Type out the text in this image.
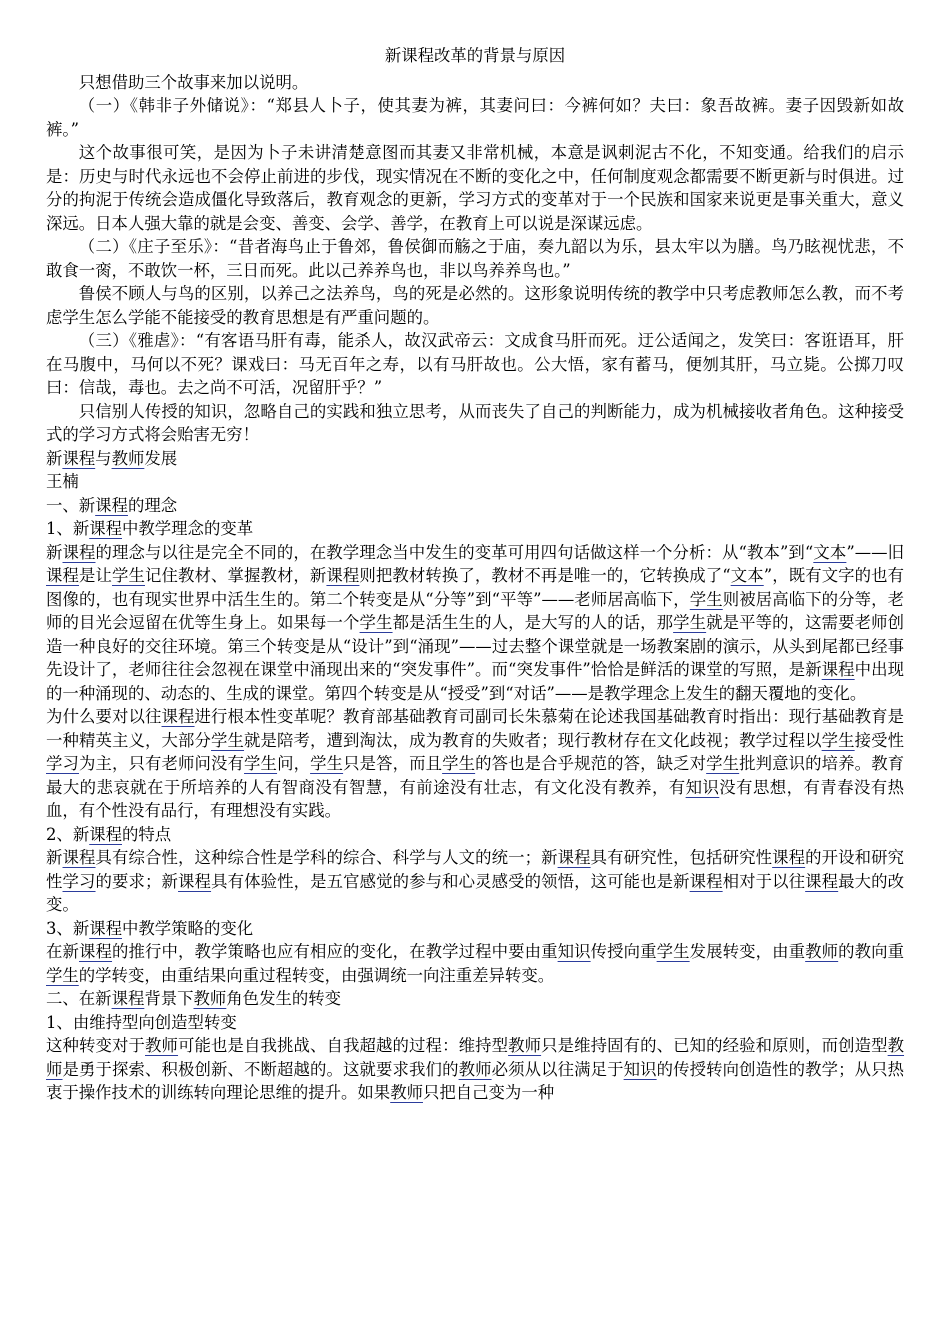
新课程改革的背景与原因

只想借助三个故事来加以说明。

（一）《韩非子外储说》：“郑县人卜子，使其妻为裤，其妻问曰：今裤何如？夫曰：象吾故裤。妻子因毁新如故裤。”

这个故事很可笑，是因为卜子未讲清楚意图而其妻又非常机械，本意是讽刺泥古不化，不知变通。给我们的启示是：历史与时代永远也不会停止前进的步伐，现实情况在不断的变化之中，任何制度观念都需要不断更新与时俱进。过分的拘泥于传统会造成僵化导致落后，教育观念的更新，学习方式的变革对于一个民族和国家来说更是事关重大，意义深远。日本人强大靠的就是会变、善变、会学、善学，在教育上可以说是深谋远虑。

（二）《庄子至乐》：“昔者海鸟止于鲁郊，鲁侯御而觞之于庙，奏九韶以为乐，县太牢以为膳。鸟乃眩视忧悲，不敢食一脔，不敢饮一杯，三日而死。此以己养养鸟也，非以鸟养养鸟也。”

鲁侯不顾人与鸟的区别，以养己之法养鸟，鸟的死是必然的。这形象说明传统的教学中只考虑教师怎么教，而不考虑学生怎么学能不能接受的教育思想是有严重问题的。

（三）《雅虐》：“有客语马肝有毒，能杀人，故汉武帝云：文成食马肝而死。迂公适闻之，发笑曰：客诳语耳，肝在马腹中，马何以不死？课戏曰：马无百年之寿，以有马肝故也。公大悟，家有蓄马，便刎其肝，马立毙。公掷刀叹曰：信哉，毒也。去之尚不可活，况留肝乎？”

只信别人传授的知识，忽略自己的实践和独立思考，从而丧失了自己的判断能力，成为机械接收者角色。这种接受式的学习方式将会贻害无穷！

新课程与教师发展
王楠
一、新课程的理念
1、新课程中教学理念的变革

新课程的理念与以往是完全不同的，在教学理念当中发生的变革可用四句话做这样一个分析：从“教本”到“文本”——旧课程是让学生记住教材、掌握教材，新课程则把教材转换了，教材不再是唯一的，它转换成了“文本”，既有文字的也有图像的，也有现实世界中活生生的。第二个转变是从“分等”到“平等”——老师居高临下，学生则被居高临下的分等，老师的目光会逗留在优等生身上。如果每一个学生都是活生生的人，是大写的人的话，那学生就是平等的，这需要老师创造一种良好的交往环境。第三个转变是从“设计”到“涌现”——过去整个课堂就是一场教案剧的演示，从头到尾都已经事先设计了，老师往往会忽视在课堂中涌现出来的“突发事件”。而“突发事件”恰恰是鲜活的课堂的写照，是新课程中出现的一种涌现的、动态的、生成的课堂。第四个转变是从“授受”到“对话”——是教学理念上发生的翻天覆地的变化。

为什么要对以往课程进行根本性变革呢？教育部基础教育司副司长朱慕菊在论述我国基础教育时指出：现行基础教育是一种精英主义，大部分学生就是陪考，遭到淘汰，成为教育的失败者；现行教材存在文化歧视；教学过程以学生接受性学习为主，只有老师问没有学生问，学生只是答，而且学生的答也是合乎规范的答，缺乏对学生批判意识的培养。教育最大的悲哀就在于所培养的人有智商没有智慧，有前途没有壮志，有文化没有教养，有知识没有思想，有青春没有热血，有个性没有品行，有理想没有实践。

2、新课程的特点

新课程具有综合性，这种综合性是学科的综合、科学与人文的统一；新课程具有研究性，包括研究性课程的开设和研究性学习的要求；新课程具有体验性，是五官感觉的参与和心灵感受的领悟，这可能也是新课程相对于以往课程最大的改变。

3、新课程中教学策略的变化

在新课程的推行中，教学策略也应有相应的变化，在教学过程中要由重知识传授向重学生发展转变，由重教师的教向重学生的学转变，由重结果向重过程转变，由强调统一向注重差异转变。

二、在新课程背景下教师角色发生的转变
1、由维持型向创造型转变

这种转变对于教师可能也是自我挑战、自我超越的过程：维持型教师只是维持固有的、已知的经验和原则，而创造型教师是勇于探索、积极创新、不断超越的。这就要求我们的教师必须从以往满足于知识的传授转向创造性的教学；从只热衷于操作技术的训练转向理论思维的提升。如果教师只把自己变为一种
